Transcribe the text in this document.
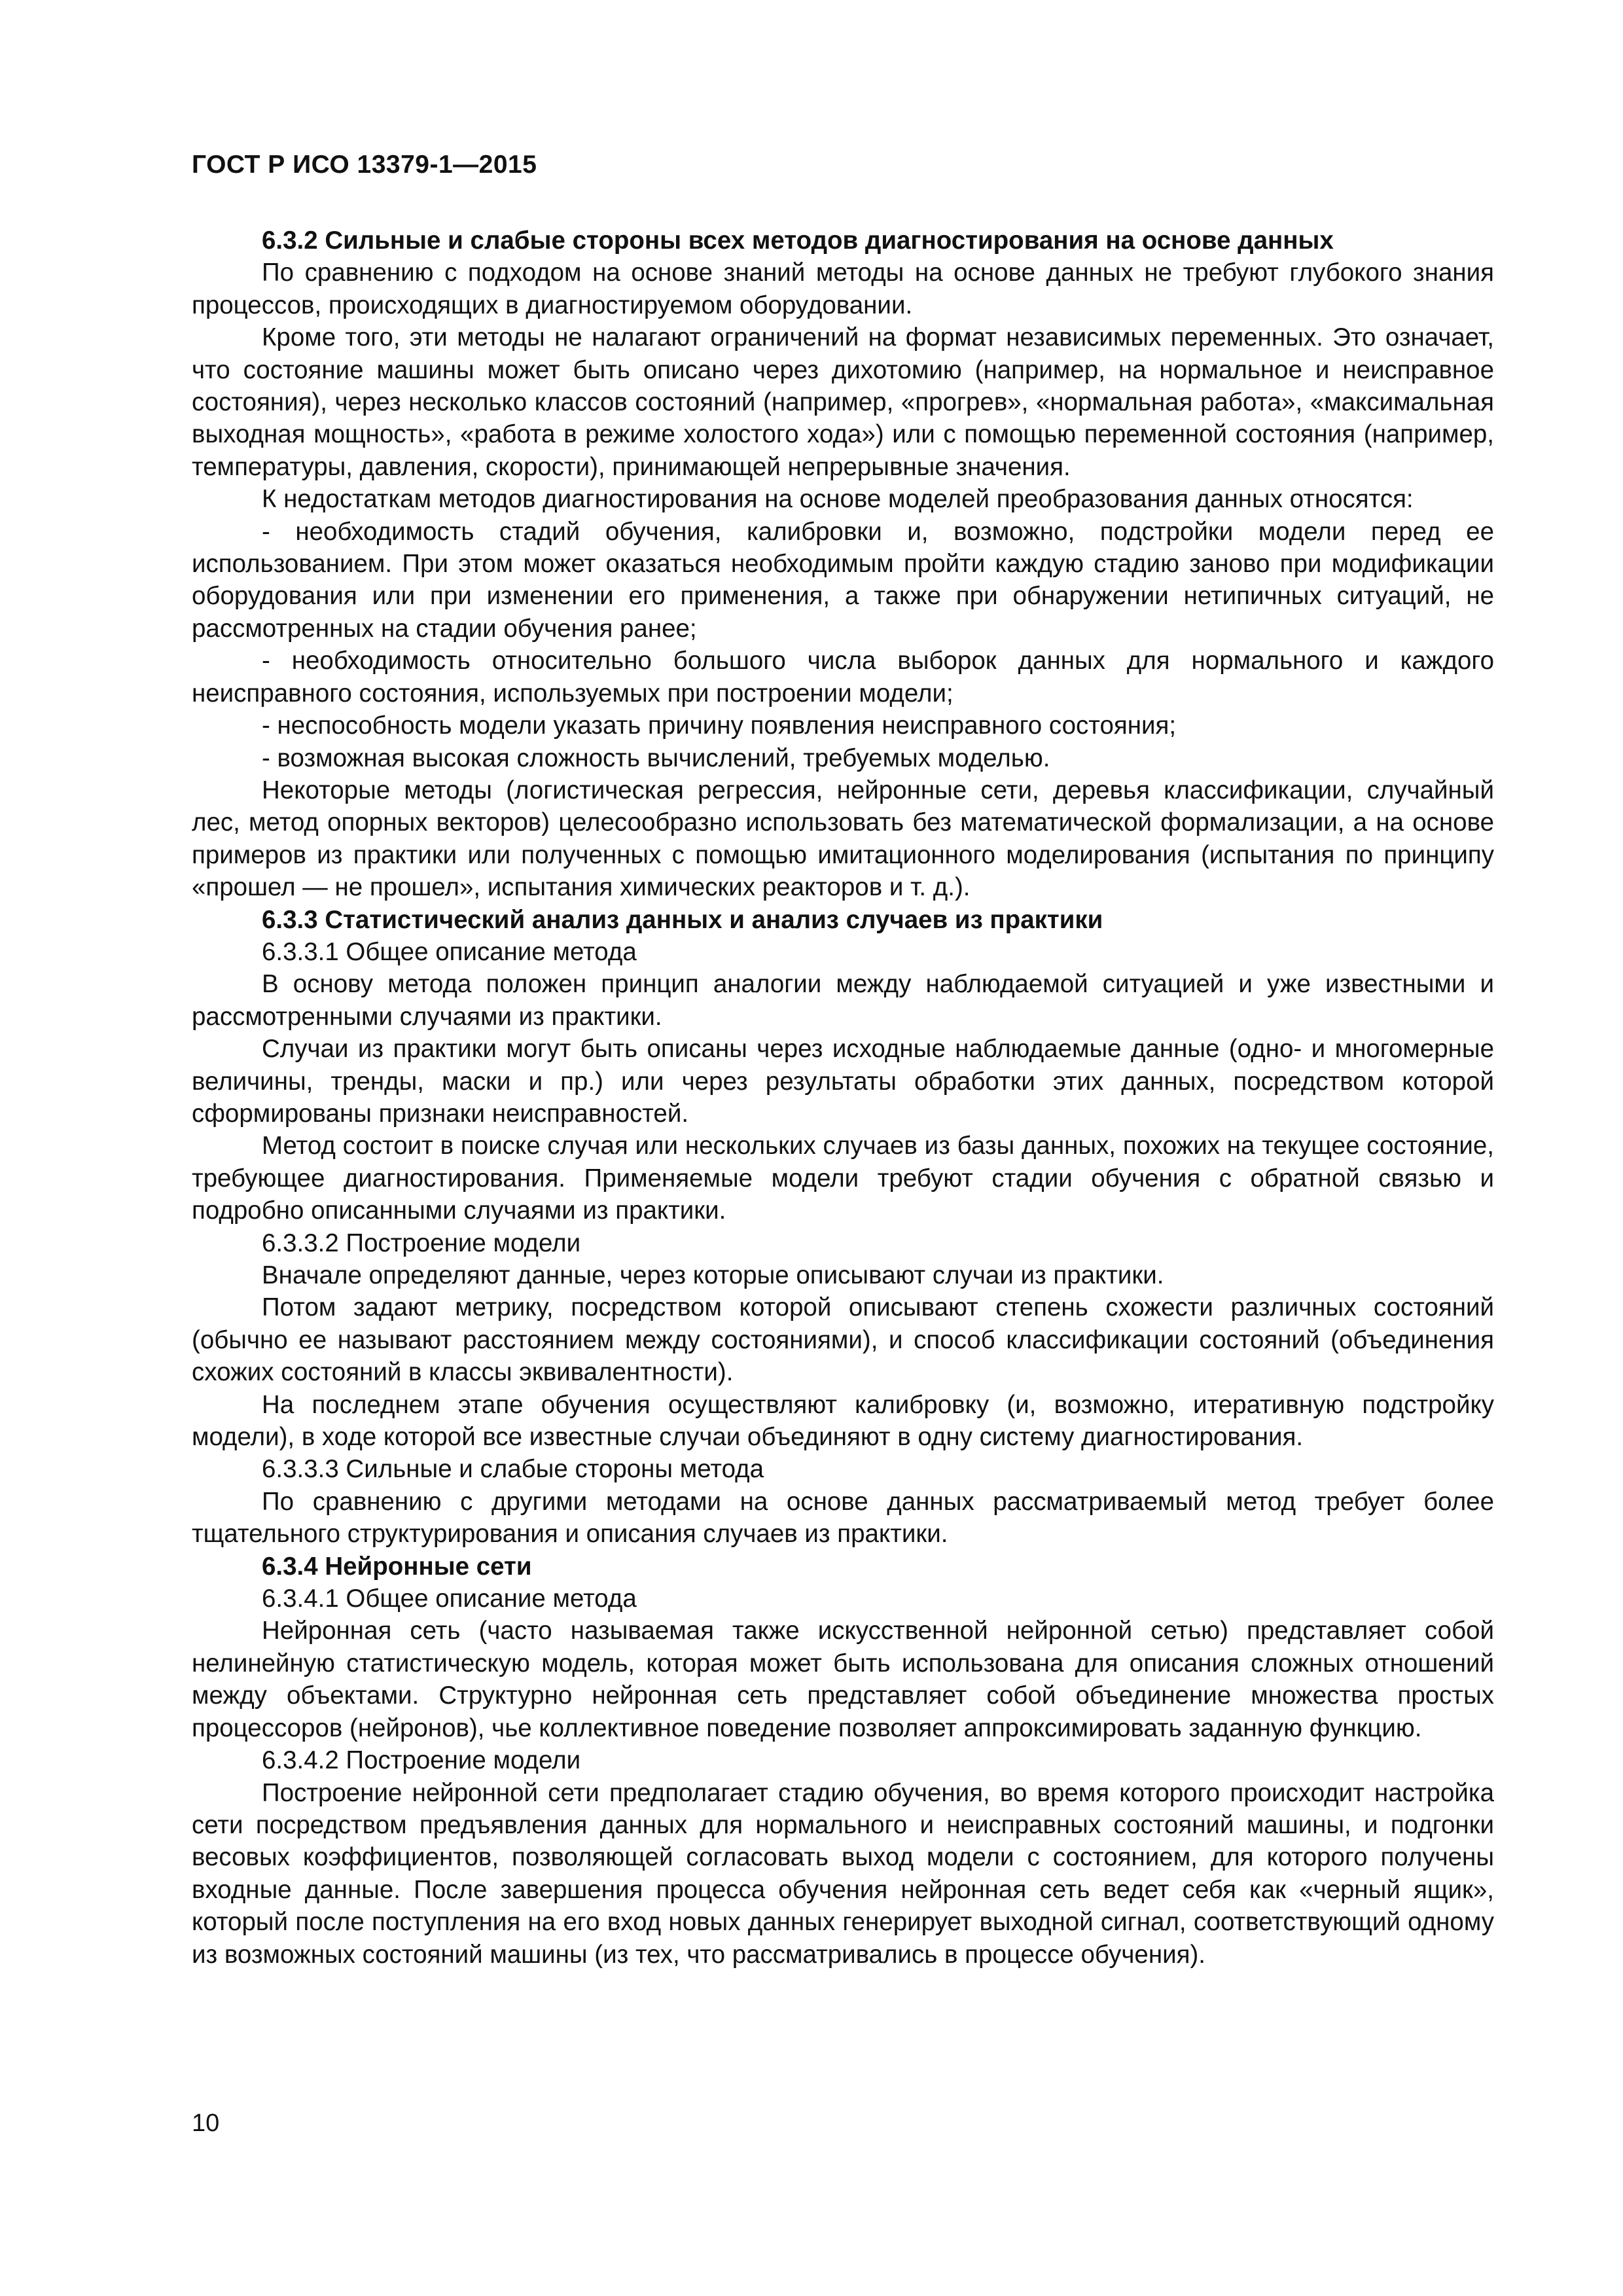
ГОСТ Р ИСО 13379-1—2015

6.3.2 Сильные и слабые стороны всех методов диагностирования на основе данных

По сравнению с подходом на основе знаний методы на основе данных не требуют глубокого знания процессов, происходящих в диагностируемом оборудовании.

Кроме того, эти методы не налагают ограничений на формат независимых переменных. Это означает, что состояние машины может быть описано через дихотомию (например, на нормальное и неисправное состояния), через несколько классов состояний (например, «прогрев», «нормальная работа», «максимальная выходная мощность», «работа в режиме холостого хода») или с помощью переменной состояния (например, температуры, давления, скорости), принимающей непрерывные значения.

К недостаткам методов диагностирования на основе моделей преобразования данных относятся:

- необходимость стадий обучения, калибровки и, возможно, подстройки модели перед ее использованием. При этом может оказаться необходимым пройти каждую стадию заново при модификации оборудования или при изменении его применения, а также при обнаружении нетипичных ситуаций, не рассмотренных на стадии обучения ранее;

- необходимость относительно большого числа выборок данных для нормального и каждого неисправного состояния, используемых при построении модели;

- неспособность модели указать причину появления неисправного состояния;

- возможная высокая сложность вычислений, требуемых моделью.

Некоторые методы (логистическая регрессия, нейронные сети, деревья классификации, случайный лес, метод опорных векторов) целесообразно использовать без математической формализации, а на основе примеров из практики или полученных с помощью имитационного моделирования (испытания по принципу «прошел — не прошел», испытания химических реакторов и т. д.).

6.3.3 Статистический анализ данных и анализ случаев из практики

6.3.3.1 Общее описание метода

В основу метода положен принцип аналогии между наблюдаемой ситуацией и уже известными и рассмотренными случаями из практики.

Случаи из практики могут быть описаны через исходные наблюдаемые данные (одно- и многомерные величины, тренды, маски и пр.) или через результаты обработки этих данных, посредством которой сформированы признаки неисправностей.

Метод состоит в поиске случая или нескольких случаев из базы данных, похожих на текущее состояние, требующее диагностирования. Применяемые модели требуют стадии обучения с обратной связью и подробно описанными случаями из практики.

6.3.3.2 Построение модели

Вначале определяют данные, через которые описывают случаи из практики.

Потом задают метрику, посредством которой описывают степень схожести различных состояний (обычно ее называют расстоянием между состояниями), и способ классификации состояний (объединения схожих состояний в классы эквивалентности).

На последнем этапе обучения осуществляют калибровку (и, возможно, итеративную подстройку модели), в ходе которой все известные случаи объединяют в одну систему диагностирования.

6.3.3.3 Сильные и слабые стороны метода

По сравнению с другими методами на основе данных рассматриваемый метод требует более тщательного структурирования и описания случаев из практики.

6.3.4 Нейронные сети

6.3.4.1 Общее описание метода

Нейронная сеть (часто называемая также искусственной нейронной сетью) представляет собой нелинейную статистическую модель, которая может быть использована для описания сложных отношений между объектами. Структурно нейронная сеть представляет собой объединение множества простых процессоров (нейронов), чье коллективное поведение позволяет аппроксимировать заданную функцию.

6.3.4.2 Построение модели

Построение нейронной сети предполагает стадию обучения, во время которого происходит настройка сети посредством предъявления данных для нормального и неисправных состояний машины, и подгонки весовых коэффициентов, позволяющей согласовать выход модели с состоянием, для которого получены входные данные. После завершения процесса обучения нейронная сеть ведет себя как «черный ящик», который после поступления на его вход новых данных генерирует выходной сигнал, соответствующий одному из возможных состояний машины (из тех, что рассматривались в процессе обучения).

10
